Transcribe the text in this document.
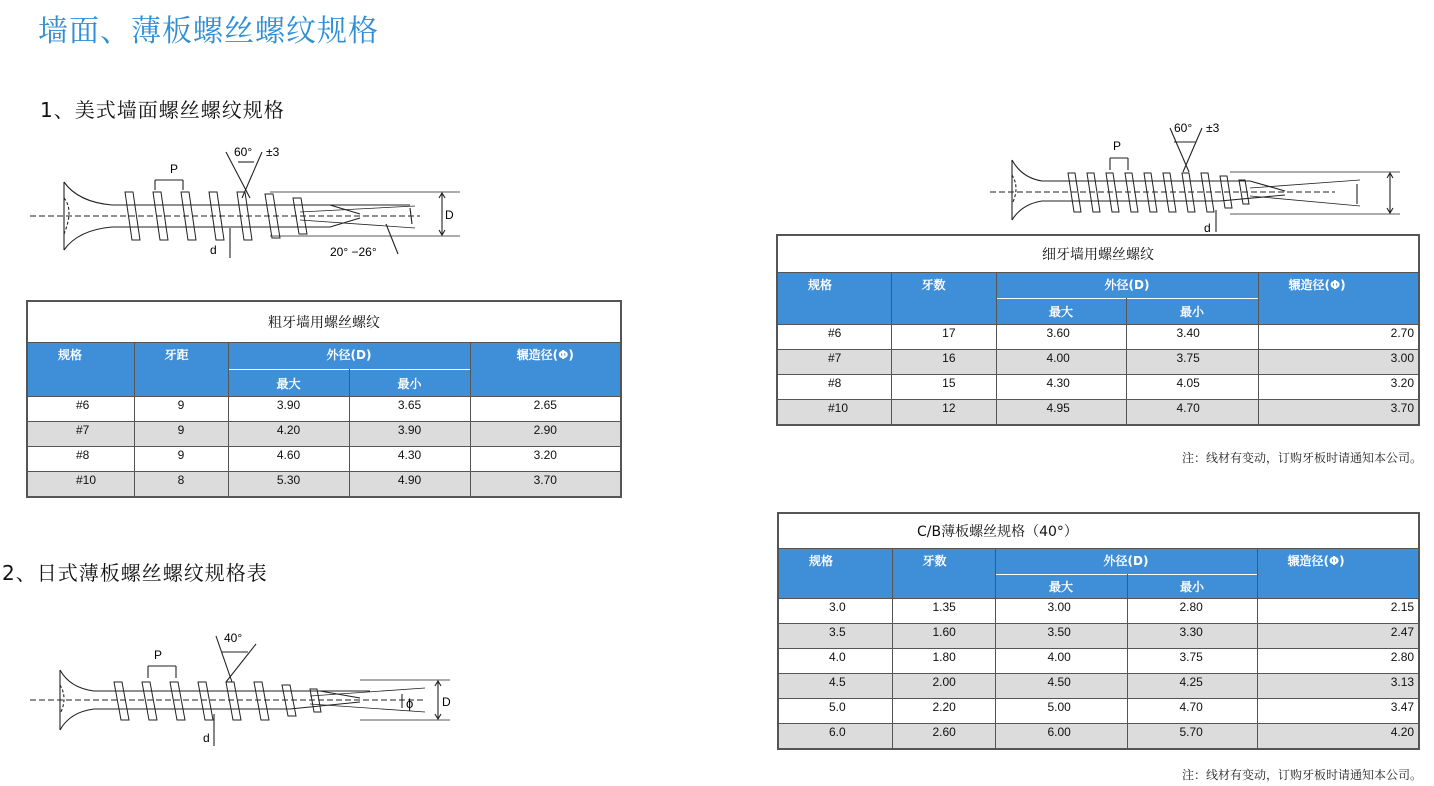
墙面、薄板螺丝螺纹规格
1、美式墙面螺丝螺纹规格
2、日式薄板螺丝螺纹规格表
P
60° ±3
d
D
20° −26°
粗牙墙用螺丝螺纹				
规格	牙距	外径(D)		辗造径(Φ)
		最大	最小	
#6	9	3.90	3.65	2.65
#7	9	4.20	3.90	2.90
#8	9	4.60	4.30	3.20
#10	8	5.30	4.90	3.70
P
60° ±3
d
细牙墙用螺丝螺纹				
规格	牙数	外径(D)		辗造径(Φ)
		最大	最小	
#6	17	3.60	3.40	2.70
#7	16	4.00	3.75	3.00
#8	15	4.30	4.05	3.20
#10	12	4.95	4.70	3.70
注：线材有变动，订购牙板时请通知本公司。
C/B薄板螺丝规格（40°）				
规格	牙数	外径(D)		辗造径(Φ)
		最大	最小	
3.0	1.35	3.00	2.80	2.15
3.5	1.60	3.50	3.30	2.47
4.0	1.80	4.00	3.75	2.80
4.5	2.00	4.50	4.25	3.13
5.0	2.20	5.00	4.70	3.47
6.0	2.60	6.00	5.70	4.20
注：线材有变动，订购牙板时请通知本公司。
P
40°
d
D
ϕ
